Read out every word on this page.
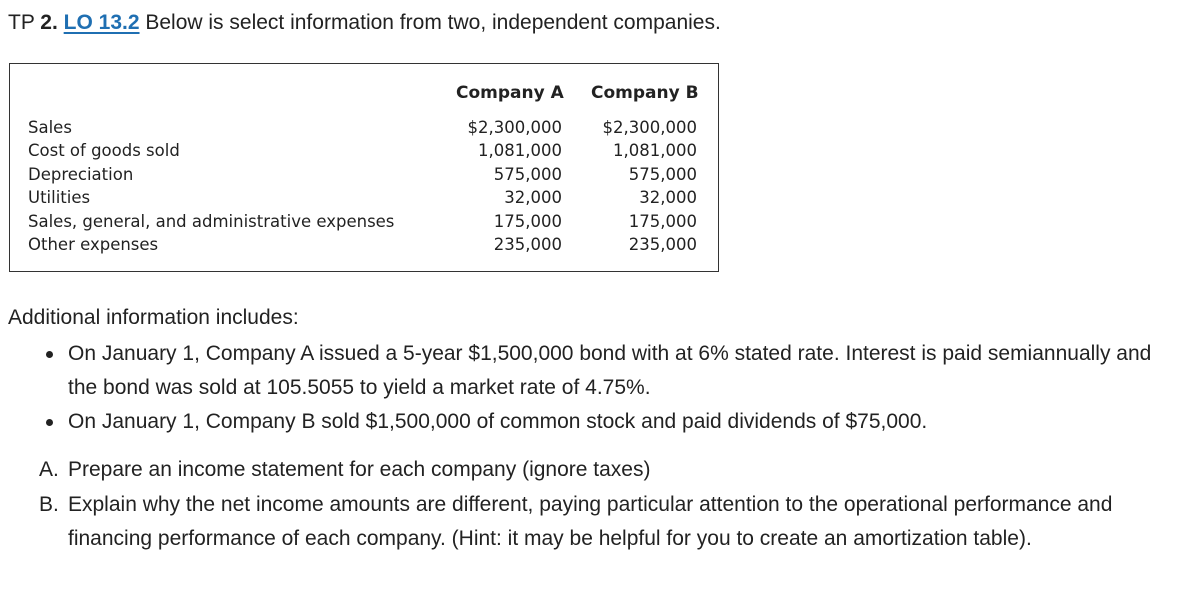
TP 2. LO 13.2 Below is select information from two, independent companies.
Company A Company B
Sales	$2,300,000	$2,300,000
Cost of goods sold	1,081,000	1,081,000
Depreciation	575,000	575,000
Utilities	32,000	32,000
Sales, general, and administrative expenses	175,000	175,000
Other expenses	235,000	235,000
Additional information includes:
On January 1, Company A issued a 5-year $1,500,000 bond with at 6% stated rate. Interest is paid semiannually and the bond was sold at 105.5055 to yield a market rate of 4.75%.
On January 1, Company B sold $1,500,000 of common stock and paid dividends of $75,000.
A. Prepare an income statement for each company (ignore taxes)
B. Explain why the net income amounts are different, paying particular attention to the operational performance and financing performance of each company. (Hint: it may be helpful for you to create an amortization table).
